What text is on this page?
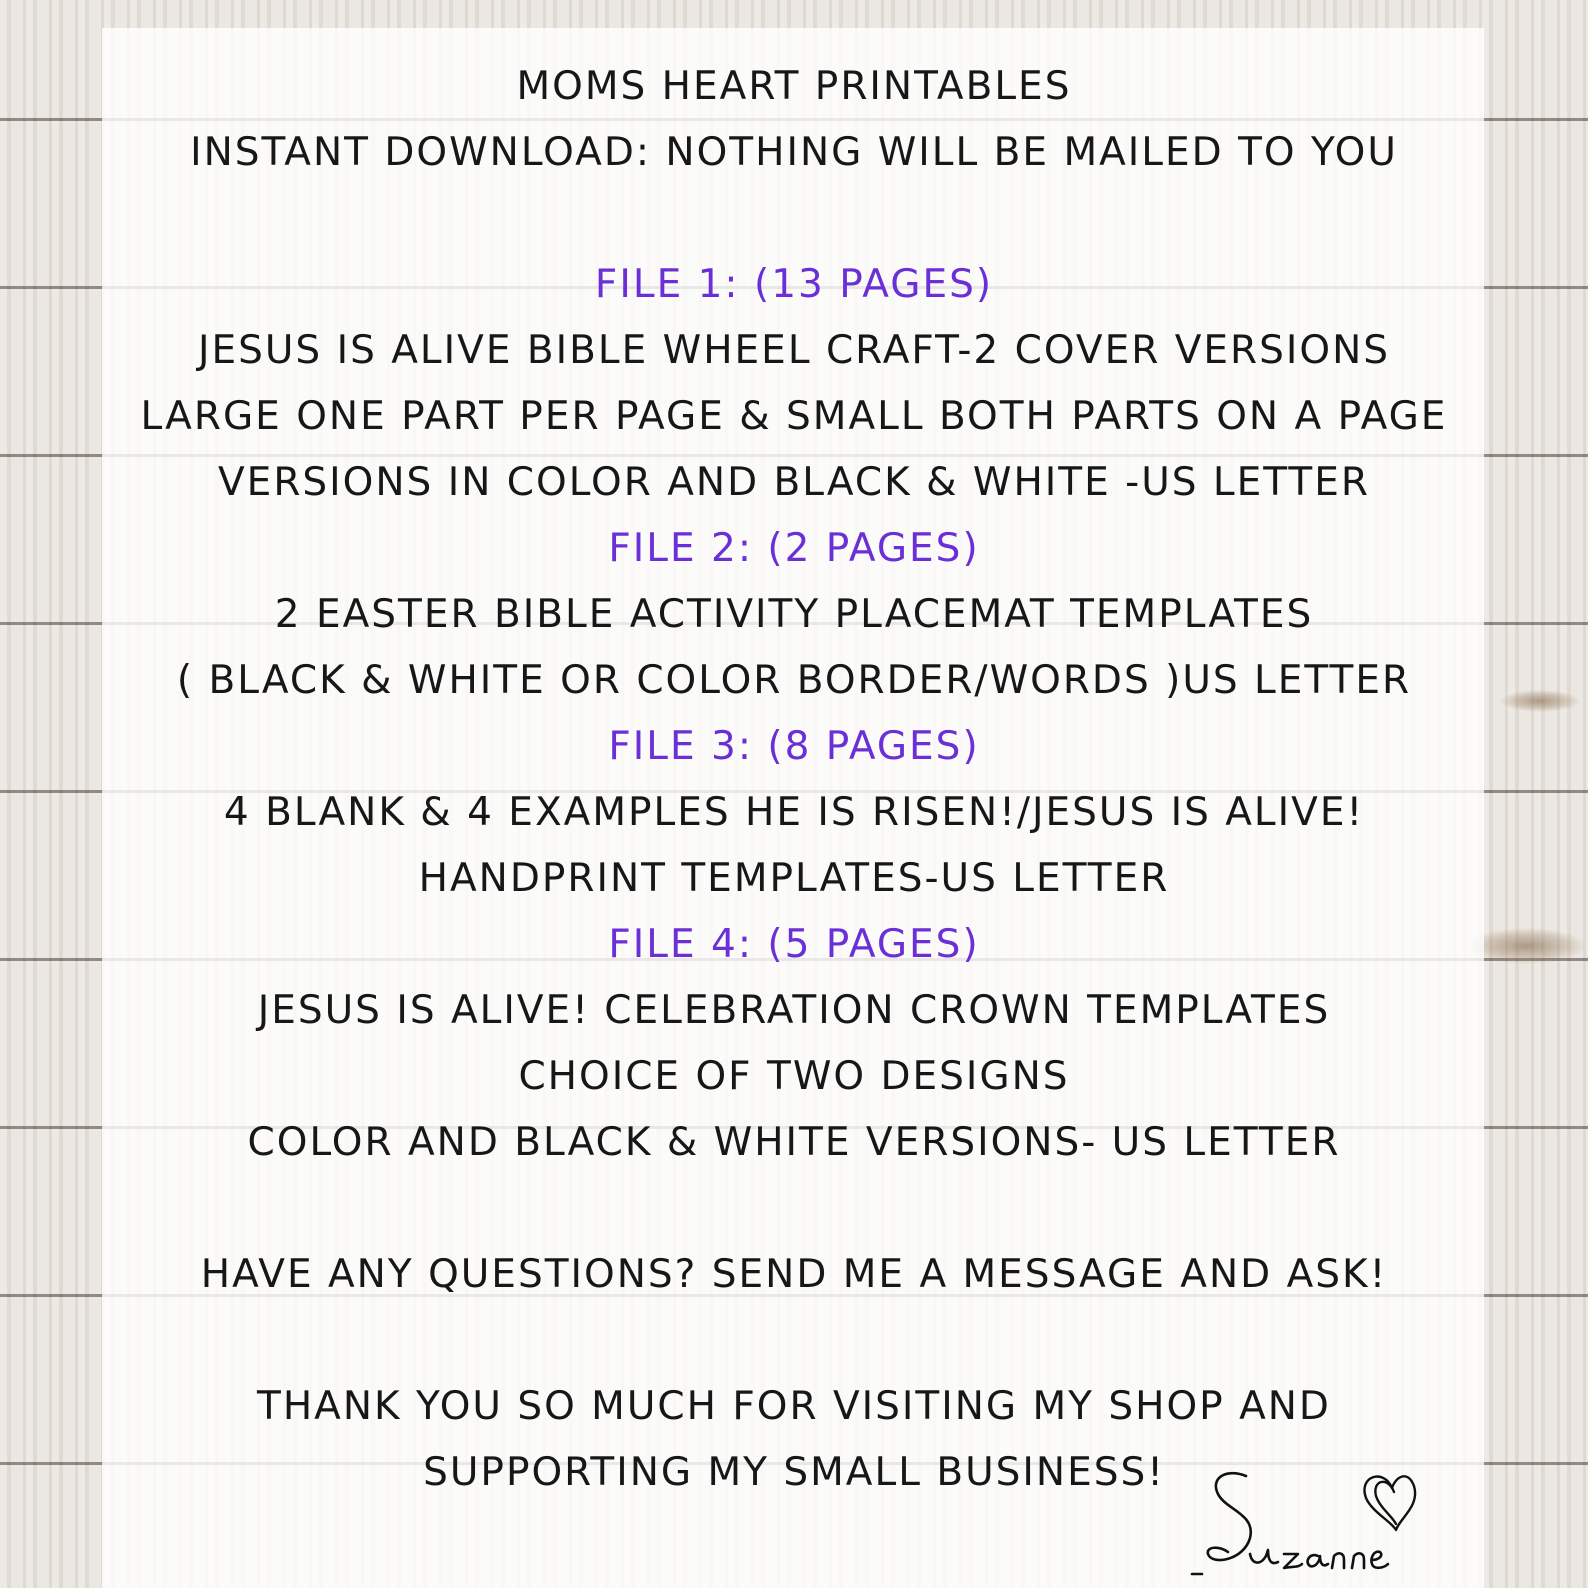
MOMS HEART PRINTABLES
INSTANT DOWNLOAD: NOTHING WILL BE MAILED TO YOU
FILE 1: (13 PAGES)
JESUS IS ALIVE BIBLE WHEEL CRAFT-2 COVER VERSIONS
LARGE ONE PART PER PAGE & SMALL BOTH PARTS ON A PAGE
VERSIONS IN COLOR AND BLACK & WHITE -US LETTER
FILE 2: (2 PAGES)
2 EASTER BIBLE ACTIVITY PLACEMAT TEMPLATES
( BLACK & WHITE OR COLOR BORDER/WORDS )US LETTER
FILE 3: (8 PAGES)
4 BLANK & 4 EXAMPLES HE IS RISEN!/JESUS IS ALIVE!
HANDPRINT TEMPLATES-US LETTER
FILE 4: (5 PAGES)
JESUS IS ALIVE! CELEBRATION CROWN TEMPLATES
CHOICE OF TWO DESIGNS
COLOR AND BLACK & WHITE VERSIONS- US LETTER
HAVE ANY QUESTIONS? SEND ME A MESSAGE AND ASK!
THANK YOU SO MUCH FOR VISITING MY SHOP AND
SUPPORTING MY SMALL BUSINESS!
